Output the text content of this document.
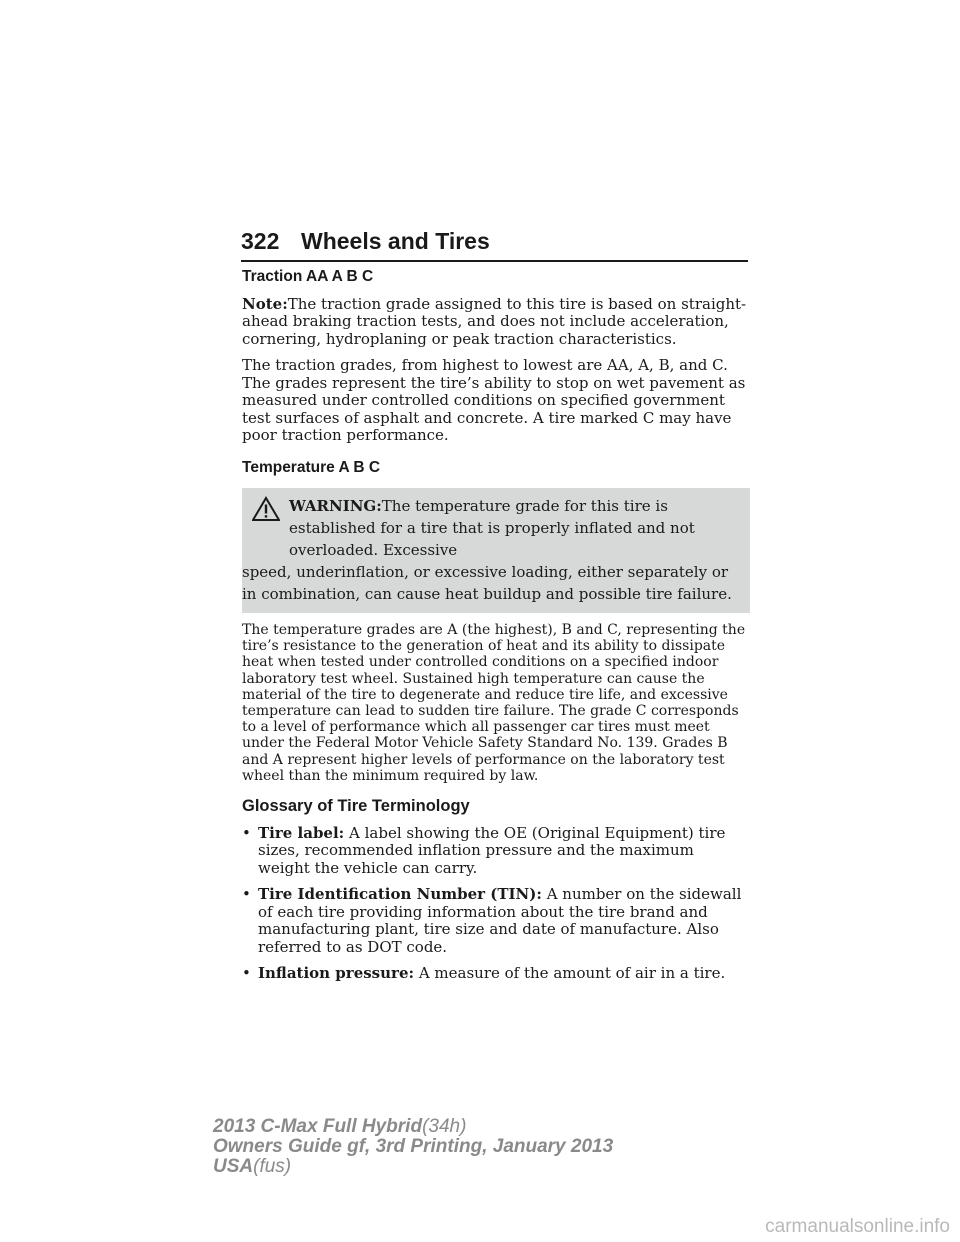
322 Wheels and Tires
Traction AA A B C

Note:The traction grade assigned to this tire is based on straight-ahead braking traction tests, and does not include acceleration, cornering, hydroplaning or peak traction characteristics.

The traction grades, from highest to lowest are AA, A, B, and C. The grades represent the tire’s ability to stop on wet pavement as measured under controlled conditions on specified government test surfaces of asphalt and concrete. A tire marked C may have poor traction performance.

Temperature A B C
WARNING:The temperature grade for this tire is established for a tire that is properly inflated and not overloaded. Excessive
speed, underinflation, or excessive loading, either separately or in combination, can cause heat buildup and possible tire failure.

The temperature grades are A (the highest), B and C, representing the tire’s resistance to the generation of heat and its ability to dissipate heat when tested under controlled conditions on a specified indoor laboratory test wheel. Sustained high temperature can cause the material of the tire to degenerate and reduce tire life, and excessive temperature can lead to sudden tire failure. The grade C corresponds to a level of performance which all passenger car tires must meet under the Federal Motor Vehicle Safety Standard No. 139. Grades B and A represent higher levels of performance on the laboratory test wheel than the minimum required by law.

Glossary of Tire Terminology
• Tire label: A label showing the OE (Original Equipment) tire sizes, recommended inflation pressure and the maximum weight the vehicle can carry.
• Tire Identification Number (TIN): A number on the sidewall of each tire providing information about the tire brand and manufacturing plant, tire size and date of manufacture. Also referred to as DOT code.
• Inflation pressure: A measure of the amount of air in a tire.
2013 C-Max Full Hybrid(34h)
Owners Guide gf, 3rd Printing, January 2013
USA(fus)
carmanualsonline.info
